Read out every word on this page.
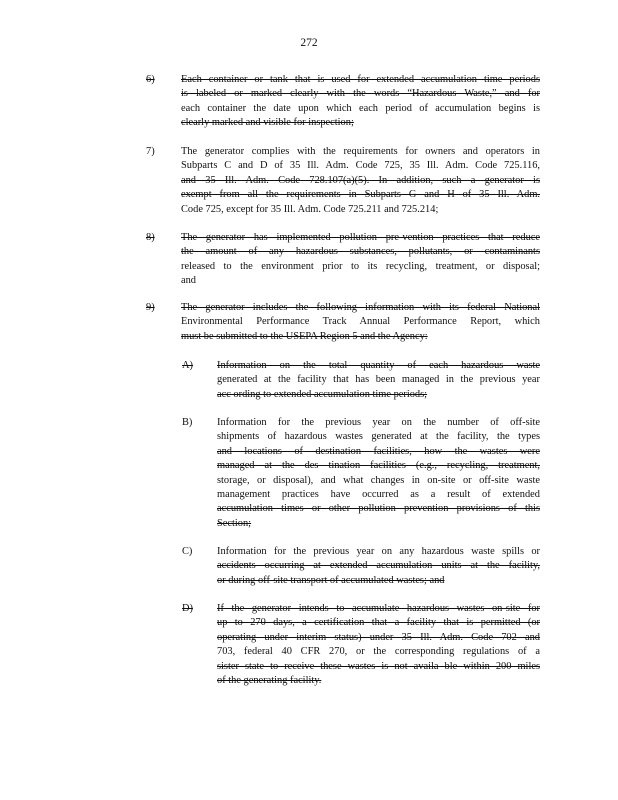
272
6)	Each container or tank that is used for extended accumulation time periods
is labeled or marked clearly with the words “Hazardous Waste,” and for
each container the date upon which each period of accumulation begins is
clearly marked and visible for inspection;
7)	The generator complies with the requirements for owners and operators in
Subparts C and D of 35 Ill. Adm. Code 725, 35 Ill. Adm. Code 725.116,
and 35 Ill. Adm. Code 728.107(a)(5). In addition, such a generator is
exempt from all the requirements in Subparts G and H of 35 Ill. Adm.
Code 725, except for 35 Ill. Adm. Code 725.211 and 725.214;
8)	The generator has implemented pollution pre-vention practices that reduce
the amount of any hazardous substances, pollutants, or contaminants
released to the environment prior to its recycling, treatment, or disposal;
and
9)	The generator includes the following information with its federal National
Environmental Performance Track Annual Performance Report, which
must be submitted to the USEPA Region 5 and the Agency:
A) Information on the total quantity of each hazardous waste
generated at the facility that has been managed in the previous year
acc ording to extended accumulation time periods;
B) Information for the previous year on the number of off-site
shipments of hazardous wastes generated at the facility, the types
and locations of destination facilities, how the wastes were
managed at the des tination facilities (e.g., recycling, treatment,
storage, or disposal), and what changes in on-site or off-site waste
management practices have occurred as a result of extended
accumulation times or other pollution prevention provisions of this
Section;
C) Information for the previous year on any hazardous waste spills or
accidents occurring at extended accumulation units at the facility,
or during off-site transport of accumulated wastes; and
D) If the generator intends to accumulate hazardous wastes on-site for
up to 270 days, a certification that a facility that is permitted (or
operating under interim status) under 35 Ill. Adm. Code 702 and
703, federal 40 CFR 270, or the corresponding regulations of a
sister state to receive these wastes is not availa ble within 200 miles
of the generating facility.
